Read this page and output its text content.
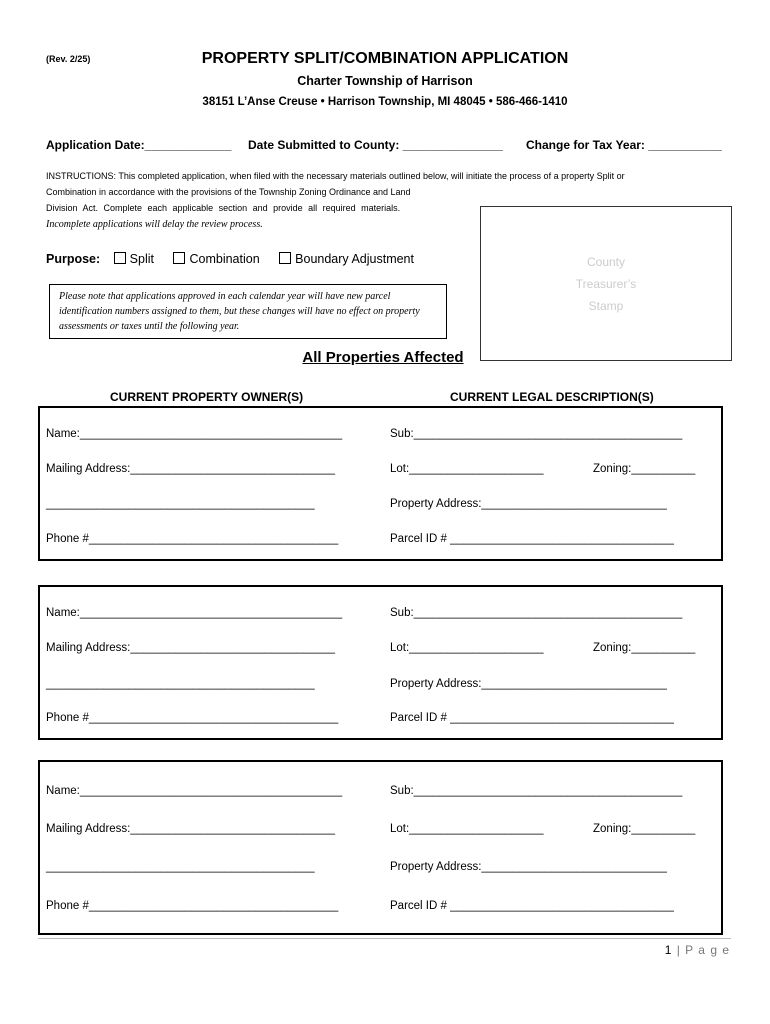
(Rev. 2/25)	PROPERTY SPLIT/COMBINATION APPLICATION
Charter Township of Harrison
38151 L’Anse Creuse • Harrison Township, MI 48045 • 586-466-1410
Application Date:_____________ Date Submitted to County: _______________ Change for Tax Year: ___________
INSTRUCTIONS: This completed application, when filed with the necessary materials outlined below, will initiate the process of a property Split or
Combination in accordance with the provisions of the Township Zoning Ordinance and Land
Division Act. Complete each applicable section and provide all required materials.
Incomplete applications will delay the review process.
Purpose: Split	Combination	Boundary Adjustment
Please note that applications approved in each calendar year will have new parcel identification numbers assigned to them, but these changes will have no effect on property assessments or taxes until the following year.
County
Treasurer’s
Stamp
All Properties Affected
CURRENT PROPERTY OWNER(S)	CURRENT LEGAL DESCRIPTION(S)
Name:_________________________________________
Mailing Address:________________________________
__________________________________________
Phone #_______________________________________
Sub:__________________________________________
Lot:_____________________	Zoning:__________
Property Address:_____________________________
Parcel ID # ___________________________________
Name:_________________________________________
Mailing Address:________________________________
__________________________________________
Phone #_______________________________________
Sub:__________________________________________
Lot:_____________________	Zoning:__________
Property Address:_____________________________
Parcel ID # ___________________________________
Name:_________________________________________
Mailing Address:________________________________
__________________________________________
Phone #_______________________________________
Sub:__________________________________________
Lot:_____________________	Zoning:__________
Property Address:_____________________________
Parcel ID # ___________________________________
1 | P a g e
